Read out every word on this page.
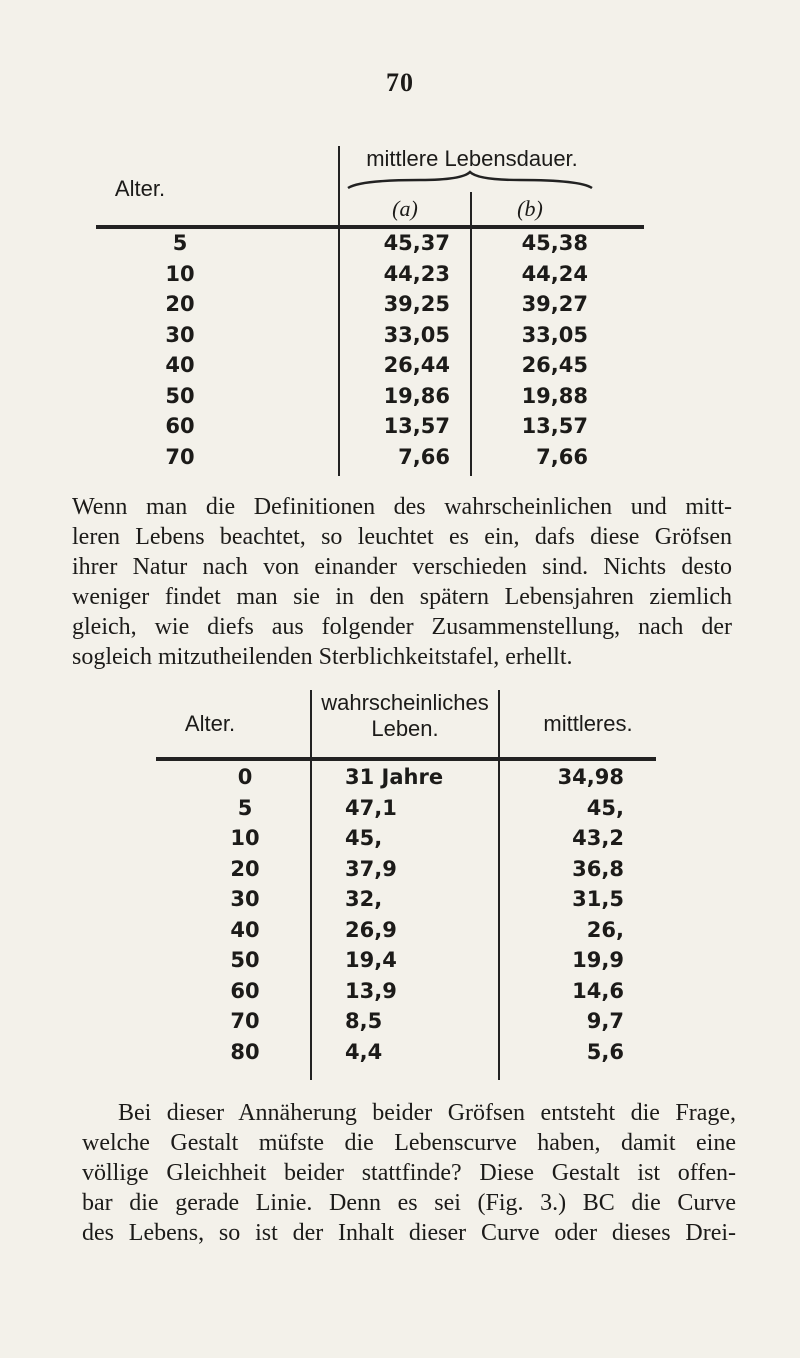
70
Alter.
mittlere Lebensdauer.
(a)	(b)
5	45,37	45,38
10	44,23	44,24
20	39,25	39,27
30	33,05	33,05
40	26,44	26,45
50	19,86	19,88
60	13,57	13,57
70	7,66	7,66
Wenn man die Definitionen des wahrscheinlichen und mitt-
leren Lebens beachtet, so leuchtet es ein, dafs diese Gröfsen
ihrer Natur nach von einander verschieden sind. Nichts desto
weniger findet man sie in den spätern Lebensjahren ziemlich
gleich, wie diefs aus folgender Zusammenstellung, nach der
sogleich mitzutheilenden Sterblichkeitstafel, erhellt.
Alter.
wahrscheinliches
Leben.	mittleres.
0	31 Jahre	34,98
5	47,1	45,
10	45,	43,2
20	37,9	36,8
30	32,	31,5
40	26,9	26,
50	19,4	19,9
60	13,9	14,6
70	8,5	9,7
80	4,4	5,6
Bei dieser Annäherung beider Gröfsen entsteht die Frage,
welche Gestalt müfste die Lebenscurve haben, damit eine
völlige Gleichheit beider stattfinde? Diese Gestalt ist offen-
bar die gerade Linie. Denn es sei (Fig. 3.) BC die Curve
des Lebens, so ist der Inhalt dieser Curve oder dieses Drei-
